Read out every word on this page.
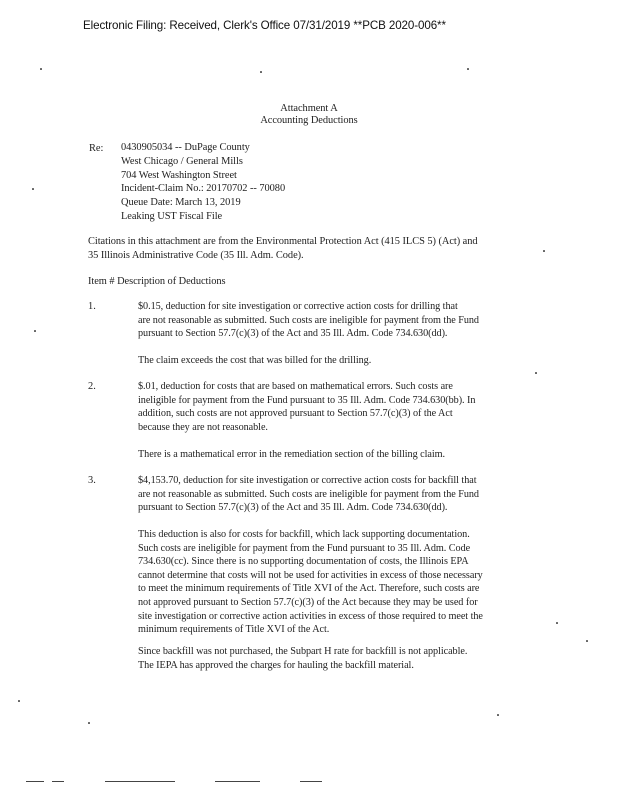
Electronic Filing: Received, Clerk's Office 07/31/2019 **PCB 2020-006**
Attachment A
Accounting Deductions
Re: 0430905034 -- DuPage County
West Chicago / General Mills
704 West Washington Street
Incident-Claim No.: 20170702 -- 70080
Queue Date: March 13, 2019
Leaking UST Fiscal File
Citations in this attachment are from the Environmental Protection Act (415 ILCS 5) (Act) and
35 Illinois Administrative Code (35 Ill. Adm. Code).
Item # Description of Deductions
1.	$0.15, deduction for site investigation or corrective action costs for drilling that
are not reasonable as submitted. Such costs are ineligible for payment from the Fund
pursuant to Section 57.7(c)(3) of the Act and 35 Ill. Adm. Code 734.630(dd).
The claim exceeds the cost that was billed for the drilling.
2.	$.01, deduction for costs that are based on mathematical errors. Such costs are
ineligible for payment from the Fund pursuant to 35 Ill. Adm. Code 734.630(bb). In
addition, such costs are not approved pursuant to Section 57.7(c)(3) of the Act
because they are not reasonable.
There is a mathematical error in the remediation section of the billing claim.
3.	$4,153.70, deduction for site investigation or corrective action costs for backfill that
are not reasonable as submitted. Such costs are ineligible for payment from the Fund
pursuant to Section 57.7(c)(3) of the Act and 35 Ill. Adm. Code 734.630(dd).
This deduction is also for costs for backfill, which lack supporting documentation.
Such costs are ineligible for payment from the Fund pursuant to 35 Ill. Adm. Code
734.630(cc). Since there is no supporting documentation of costs, the Illinois EPA
cannot determine that costs will not be used for activities in excess of those necessary
to meet the minimum requirements of Title XVI of the Act. Therefore, such costs are
not approved pursuant to Section 57.7(c)(3) of the Act because they may be used for
site investigation or corrective action activities in excess of those required to meet the
minimum requirements of Title XVI of the Act.
Since backfill was not purchased, the Subpart H rate for backfill is not applicable.
The IEPA has approved the charges for hauling the backfill material.
